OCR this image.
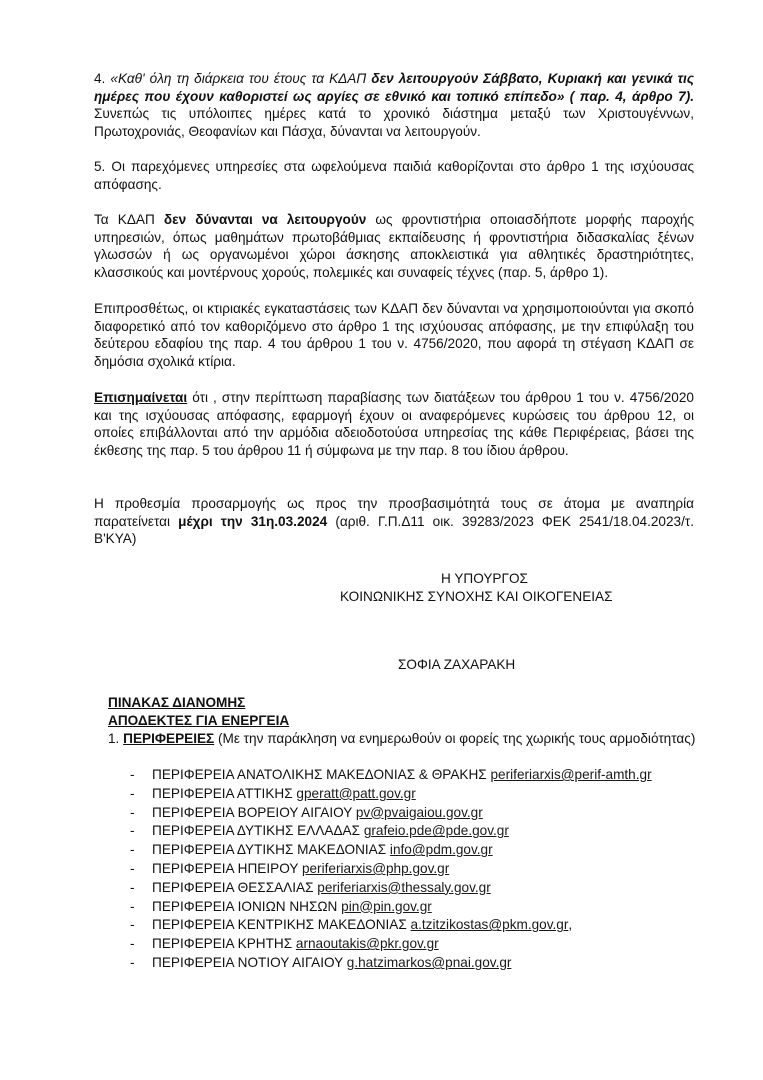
4. «Καθ' όλη τη διάρκεια του έτους τα ΚΔΑΠ δεν λειτουργούν Σάββατο, Κυριακή και γενικά τις ημέρες που έχουν καθοριστεί ως αργίες σε εθνικό και τοπικό επίπεδο» ( παρ. 4, άρθρο 7). Συνεπώς τις υπόλοιπες ημέρες κατά το χρονικό διάστημα μεταξύ των Χριστουγέννων, Πρωτοχρονιάς, Θεοφανίων και Πάσχα, δύνανται να λειτουργούν.
5. Οι παρεχόμενες υπηρεσίες στα ωφελούμενα παιδιά καθορίζονται στο άρθρο 1 της ισχύουσας απόφασης.
Τα ΚΔΑΠ δεν δύνανται να λειτουργούν ως φροντιστήρια οποιασδήποτε μορφής παροχής υπηρεσιών, όπως μαθημάτων πρωτοβάθμιας εκπαίδευσης ή φροντιστήρια διδασκαλίας ξένων γλωσσών ή ως οργανωμένοι χώροι άσκησης αποκλειστικά για αθλητικές δραστηριότητες, κλασσικούς και μοντέρνους χορούς, πολεμικές και συναφείς τέχνες (παρ. 5, άρθρο 1).
Επιπροσθέτως, οι κτιριακές εγκαταστάσεις των ΚΔΑΠ δεν δύνανται να χρησιμοποιούνται για σκοπό διαφορετικό από τον καθοριζόμενο στο άρθρο 1 της ισχύουσας απόφασης, με την επιφύλαξη του δεύτερου εδαφίου της παρ. 4 του άρθρου 1 του ν. 4756/2020, που αφορά τη στέγαση ΚΔΑΠ σε δημόσια σχολικά κτίρια.
Επισημαίνεται ότι , στην περίπτωση παραβίασης των διατάξεων του άρθρου 1 του ν. 4756/2020 και της ισχύουσας απόφασης, εφαρμογή έχουν οι αναφερόμενες κυρώσεις του άρθρου 12, οι οποίες επιβάλλονται από την αρμόδια αδειοδοτούσα υπηρεσίας της κάθε Περιφέρειας, βάσει της έκθεσης της παρ. 5 του άρθρου 11 ή σύμφωνα με την παρ. 8 του ίδιου άρθρου.
Η προθεσμία προσαρμογής ως προς την προσβασιμότητά τους σε άτομα με αναπηρία παρατείνεται μέχρι την 31η.03.2024 (αριθ. Γ.Π.Δ11 οικ. 39283/2023 ΦΕΚ 2541/18.04.2023/τ. Β'ΚΥΑ)
Η ΥΠΟΥΡΓΟΣ
ΚΟΙΝΩΝΙΚΗΣ ΣΥΝΟΧΗΣ ΚΑΙ ΟΙΚΟΓΕΝΕΙΑΣ
ΣΟΦΙΑ ΖΑΧΑΡΑΚΗ
ΠΙΝΑΚΑΣ ΔΙΑΝΟΜΗΣ
ΑΠΟΔΕΚΤΕΣ ΓΙΑ ΕΝΕΡΓΕΙΑ
1. ΠΕΡΙΦΕΡΕΙΕΣ (Με την παράκληση να ενημερωθούν οι φορείς της χωρικής τους αρμοδιότητας)
- ΠΕΡΙΦΕΡΕΙΑ ΑΝΑΤΟΛΙΚΗΣ ΜΑΚΕΔΟΝΙΑΣ & ΘΡΑΚΗΣ periferiarxis@perif-amth.gr
- ΠΕΡΙΦΕΡΕΙΑ ΑΤΤΙΚΗΣ gperatt@patt.gov.gr
- ΠΕΡΙΦΕΡΕΙΑ ΒΟΡΕΙΟΥ ΑΙΓΑΙΟΥ pv@pvaigaiou.gov.gr
- ΠΕΡΙΦΕΡΕΙΑ ΔΥΤΙΚΗΣ ΕΛΛΑΔΑΣ grafeio.pde@pde.gov.gr
- ΠΕΡΙΦΕΡΕΙΑ ΔΥΤΙΚΗΣ ΜΑΚΕΔΟΝΙΑΣ info@pdm.gov.gr
- ΠΕΡΙΦΕΡΕΙΑ ΗΠΕΙΡΟΥ periferiarxis@php.gov.gr
- ΠΕΡΙΦΕΡΕΙΑ ΘΕΣΣΑΛΙΑΣ periferiarxis@thessaly.gov.gr
- ΠΕΡΙΦΕΡΕΙΑ ΙΟΝΙΩΝ ΝΗΣΩΝ pin@pin.gov.gr
- ΠΕΡΙΦΕΡΕΙΑ ΚΕΝΤΡΙΚΗΣ ΜΑΚΕΔΟΝΙΑΣ a.tzitzikostas@pkm.gov.gr,
- ΠΕΡΙΦΕΡΕΙΑ ΚΡΗΤΗΣ arnaoutakis@pkr.gov.gr
- ΠΕΡΙΦΕΡΕΙΑ ΝΟΤΙΟΥ ΑΙΓΑΙΟΥ g.hatzimarkos@pnai.gov.gr
